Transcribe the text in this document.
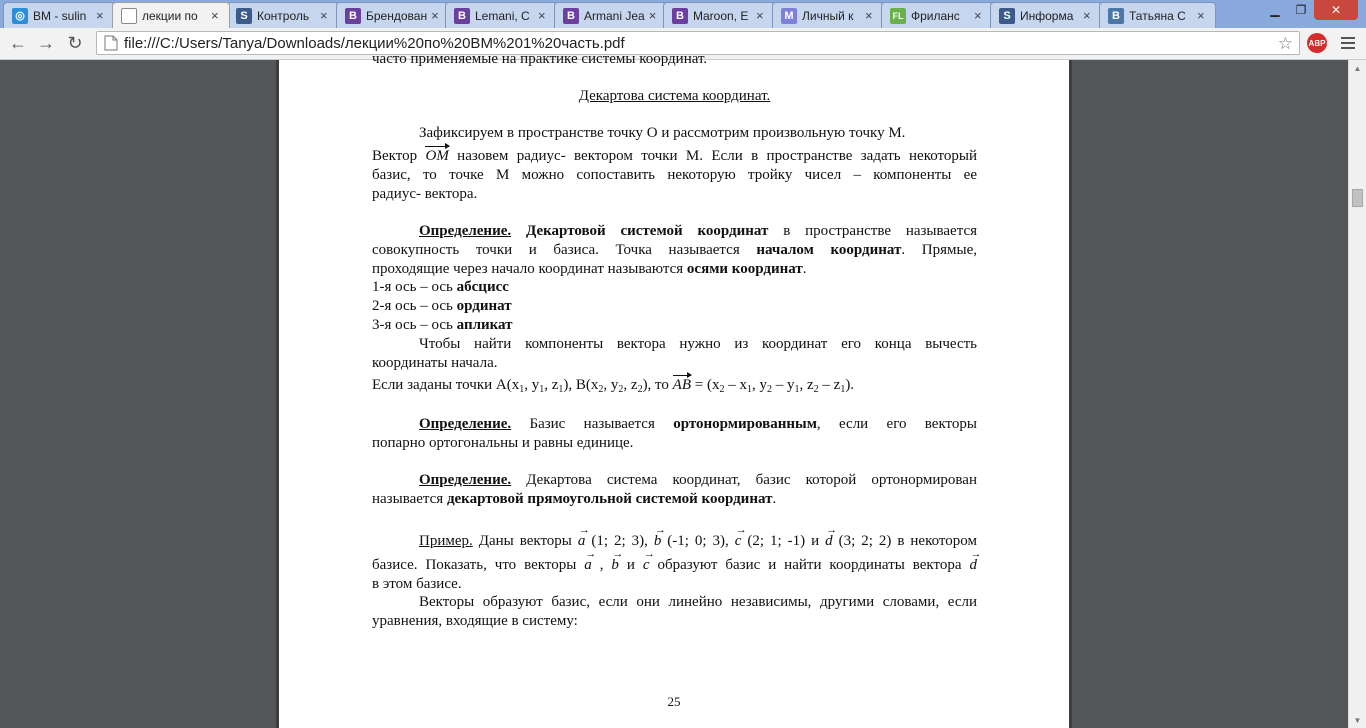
◎ ВМ - sulin ×	лекции по	×	S Контроль ×	B Брендован ×	B Lemani, С ×	B Armani Jea ×	B Maroon, E ×	M Личный к ×	FL Фриланс	×	S Информа ×	B Татьяна С ×	▁	❐	✕
← → ↻
file:///C:/Users/Tanya/Downloads/лекции%20по%20ВМ%201%20часть.pdf	☆ ABP
часто применяемые на практике системы координат.
Декартова система координат.
Зафиксируем в пространстве точку О и рассмотрим произвольную точку М.
Вектор OM назовем радиус- вектором точки М. Если в пространстве задать некоторый
базис, то точке М можно сопоставить некоторую тройку чисел – компоненты ее
радиус- вектора.
Определение. Декартовой системой координат в пространстве называется
совокупность точки и базиса. Точка называется началом координат. Прямые,
проходящие через начало координат называются осями координат.
1-я ось – ось абсцисс
2-я ось – ось ординат
3-я ось – ось апликат
Чтобы найти компоненты вектора нужно из координат его конца вычесть
координаты начала.
Если заданы точки $A(x_1$, $y_1$, $z_1$), $B(x_2$, $y_2$, $z_2$), то AB = ($x_2 - x_1$, $y_2 - y_1$, $z_2 - z_1$).
Определение. Базис называется ортонормированным, если его векторы
попарно ортогональны и равны единице.
Определение. Декартова система координат, базис которой ортонормирован
называется декартовой прямоугольной системой координат.
Пример. Даны векторы → a (1; 2; 3), → b (-1; 0; 3), → c (2; 1; -1) и → d (3; 2; 2) в некотором
базисе. Показать, что векторы → a , → b и → c образуют базис и найти координаты вектора → d
в этом базисе.
Векторы образуют базис, если они линейно независимы, другими словами, если
уравнения, входящие в систему:
25
▲
▼
